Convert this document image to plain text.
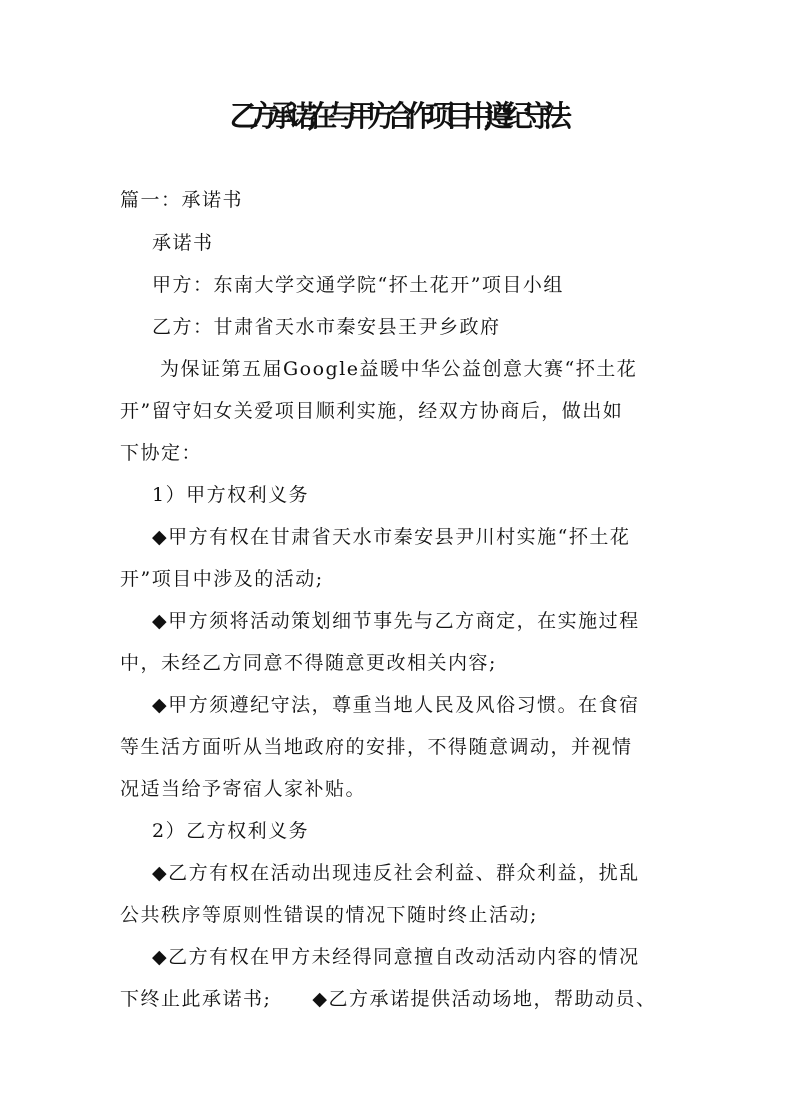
乙方承诺,在与甲方合作项目中,遵纪守法
篇一：承诺书
承诺书
甲方：东南大学交通学院“抔土花开”项目小组
乙方：甘肃省天水市秦安县王尹乡政府
为保证第五届Google益暖中华公益创意大赛“抔土花
开”留守妇女关爱项目顺利实施，经双方协商后，做出如
下协定：
1）甲方权利义务
◆甲方有权在甘肃省天水市秦安县尹川村实施“抔土花
开”项目中涉及的活动;
◆甲方须将活动策划细节事先与乙方商定，在实施过程
中，未经乙方同意不得随意更改相关内容;
◆甲方须遵纪守法，尊重当地人民及风俗习惯。在食宿
等生活方面听从当地政府的安排，不得随意调动，并视情
况适当给予寄宿人家补贴。
2）乙方权利义务
◆乙方有权在活动出现违反社会利益、群众利益，扰乱
公共秩序等原则性错误的情况下随时终止活动;
◆乙方有权在甲方未经得同意擅自改动活动内容的情况
下终止此承诺书;　　◆乙方承诺提供活动场地，帮助动员、
